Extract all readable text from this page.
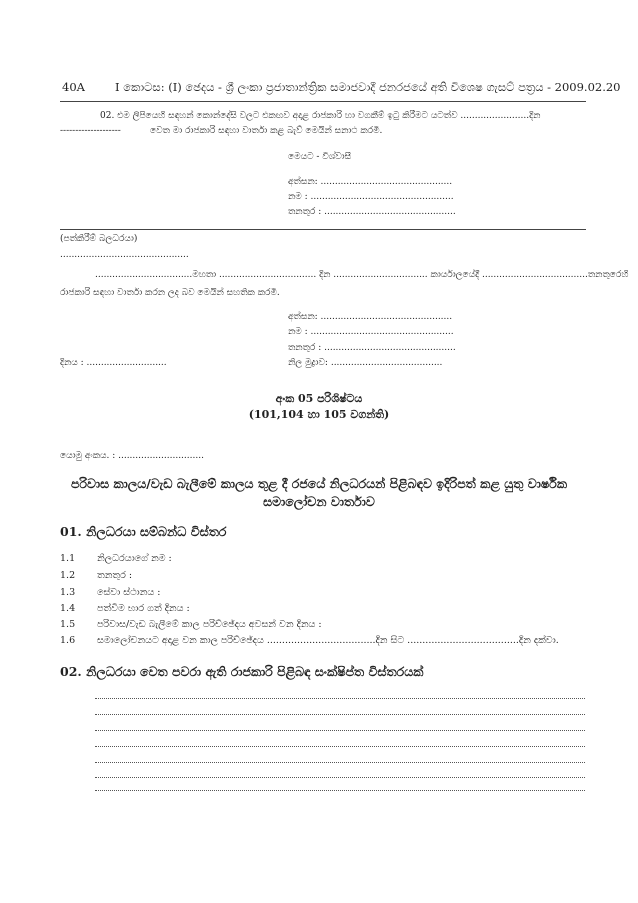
40A	I කොටස: (I) ඡෙදය - ශ්‍රී ලංකා ප්‍රජාතාන්ත්‍රික සමාජවාදී ජනරජයේ අති විශෙෂ ගැසට් පත්‍රය - 2009.02.20
02. එම ලිපියෙහි සඳහන් කොන්දේසි වලට එකඟව අදාළ රාජකාරි හා වගකීම් ඉටු කිරීමට යටත්ව ........................දින
--------------------	වෙත මා රාජකාරි සඳහා වාර්තා කළ බැව් මෙයින් සනාථ කරමි.
මෙයට - විශ්වාසී
අත්සන: ..............................................
නම : ..................................................
තනතුර : ..............................................
(පත්කිරීම් බලධරයා)
.............................................
..................................මහතා .................................. දින ................................. කාර්යාලයේදී .....................................තනතුරෙහි
රාජකාරි සඳහා වාර්තා කරන ලද බව මෙයින් සහතික කරමි.
අත්සන: ..............................................
නම : ..................................................
තනතුර : ..............................................
දිනය : ............................	නිල මුද්‍රාව: .......................................
අංක 05 පරිශිෂ්ටය
(101,104 හා 105 වගන්ති)
යොමු අංකය. : ..............................
පරිවාස කාලය/වැඩ බැලීමේ කාලය තුළ දී රජයේ නිලධරයන් පිළිබඳව ඉදිරිපත් කළ යුතු වාර්ෂික
සමාලෝචන වාර්තාව
01. නිලධරයා සම්බන්ධ විස්තර
1.1 නිලධරයාගේ නම :
1.2 තනතුර :
1.3 සේවා ස්ථානය :
1.4 පත්වීම භාර ගත් දිනය :
1.5 පරිවාස/වැඩ බැලීමේ කාල පරිච්ඡේදය අවසන් වන දිනය :
1.6 සමාලෝචනයට අදාළ වන කාල පරිච්ඡේදය ....................................දින සිට .....................................දින දක්වා.
02. නිලධරයා වෙත පවරා ඇති රාජකාරි පිළිබඳ සංක්ෂිප්ත විස්තරයක්
